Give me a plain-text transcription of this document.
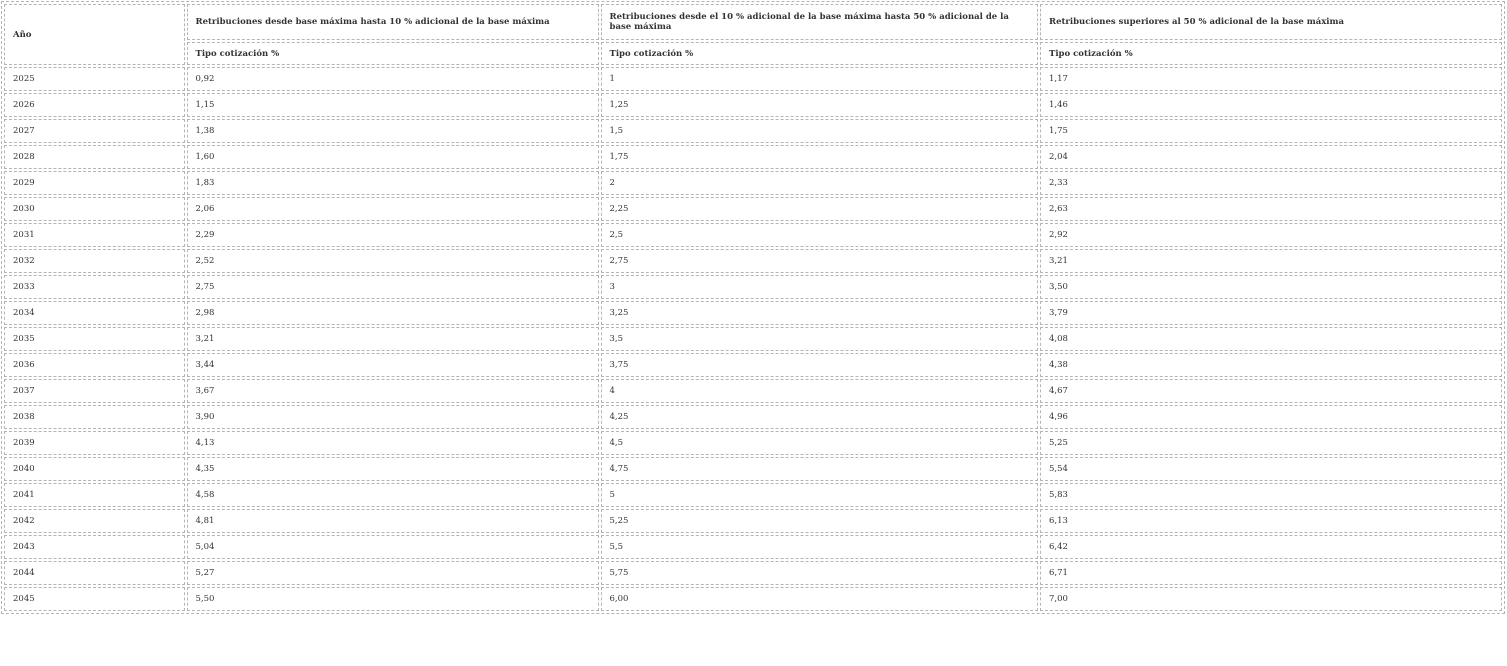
Año	Retribuciones desde base máxima hasta 10 % adicional de la base máxima	Retribuciones desde el 10 % adicional de la base máxima hasta 50 % adicional de la base máxima	Retribuciones superiores al 50 % adicional de la base máxima
	Tipo cotización %	Tipo cotización %	Tipo cotización %
2025	0,92	1	1,17
2026	1,15	1,25	1,46
2027	1,38	1,5	1,75
2028	1,60	1,75	2,04
2029	1,83	2	2,33
2030	2,06	2,25	2,63
2031	2,29	2,5	2,92
2032	2,52	2,75	3,21
2033	2,75	3	3,50
2034	2,98	3,25	3,79
2035	3,21	3,5	4,08
2036	3,44	3,75	4,38
2037	3,67	4	4,67
2038	3,90	4,25	4,96
2039	4,13	4,5	5,25
2040	4,35	4,75	5,54
2041	4,58	5	5,83
2042	4,81	5,25	6,13
2043	5,04	5,5	6,42
2044	5,27	5,75	6,71
2045	5,50	6,00	7,00
